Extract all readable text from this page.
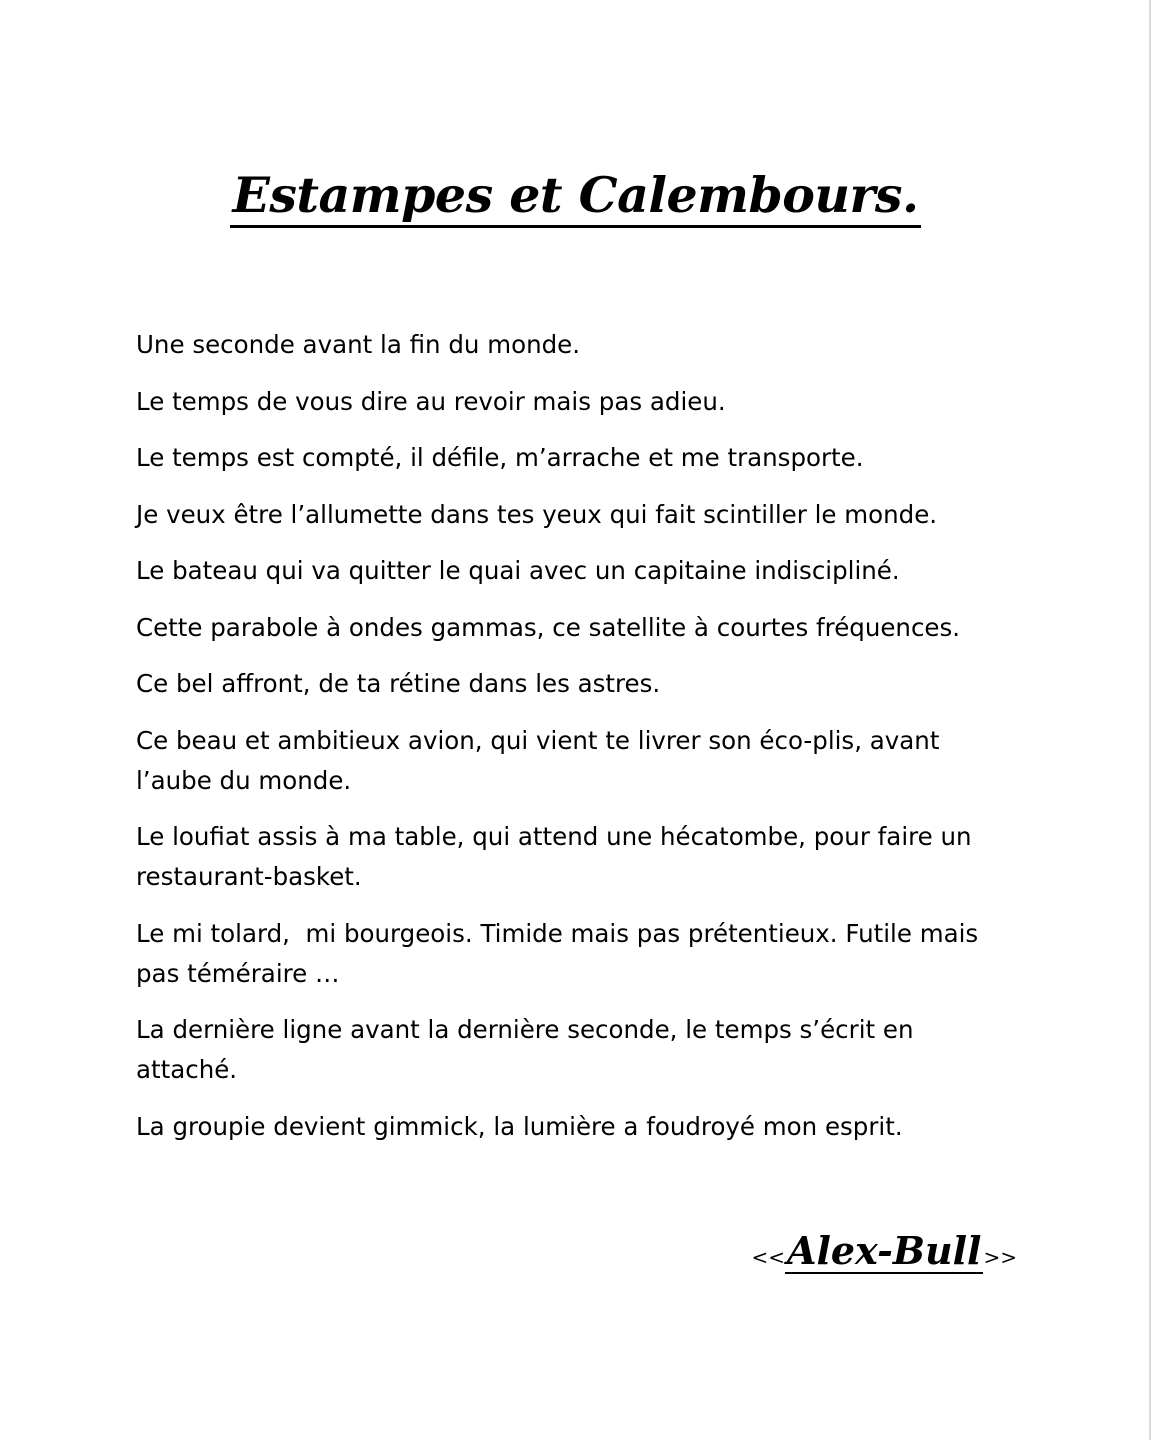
Estampes et Calembours.

Une seconde avant la fin du monde.

Le temps de vous dire au revoir mais pas adieu.

Le temps est compté, il défile, m’arrache et me transporte.

Je veux être l’allumette dans tes yeux qui fait scintiller le monde.

Le bateau qui va quitter le quai avec un capitaine indiscipliné.

Cette parabole à ondes gammas, ce satellite à courtes fréquences.

Ce bel affront, de ta rétine dans les astres.

Ce beau et ambitieux avion, qui vient te livrer son éco-plis, avant
l’aube du monde.

Le loufiat assis à ma table, qui attend une hécatombe, pour faire un
restaurant-basket.

Le mi tolard,  mi bourgeois. Timide mais pas prétentieux. Futile mais
pas téméraire …

La dernière ligne avant la dernière seconde, le temps s’écrit en
attaché.

La groupie devient gimmick, la lumière a foudroyé mon esprit.

<<Alex-Bull >>
